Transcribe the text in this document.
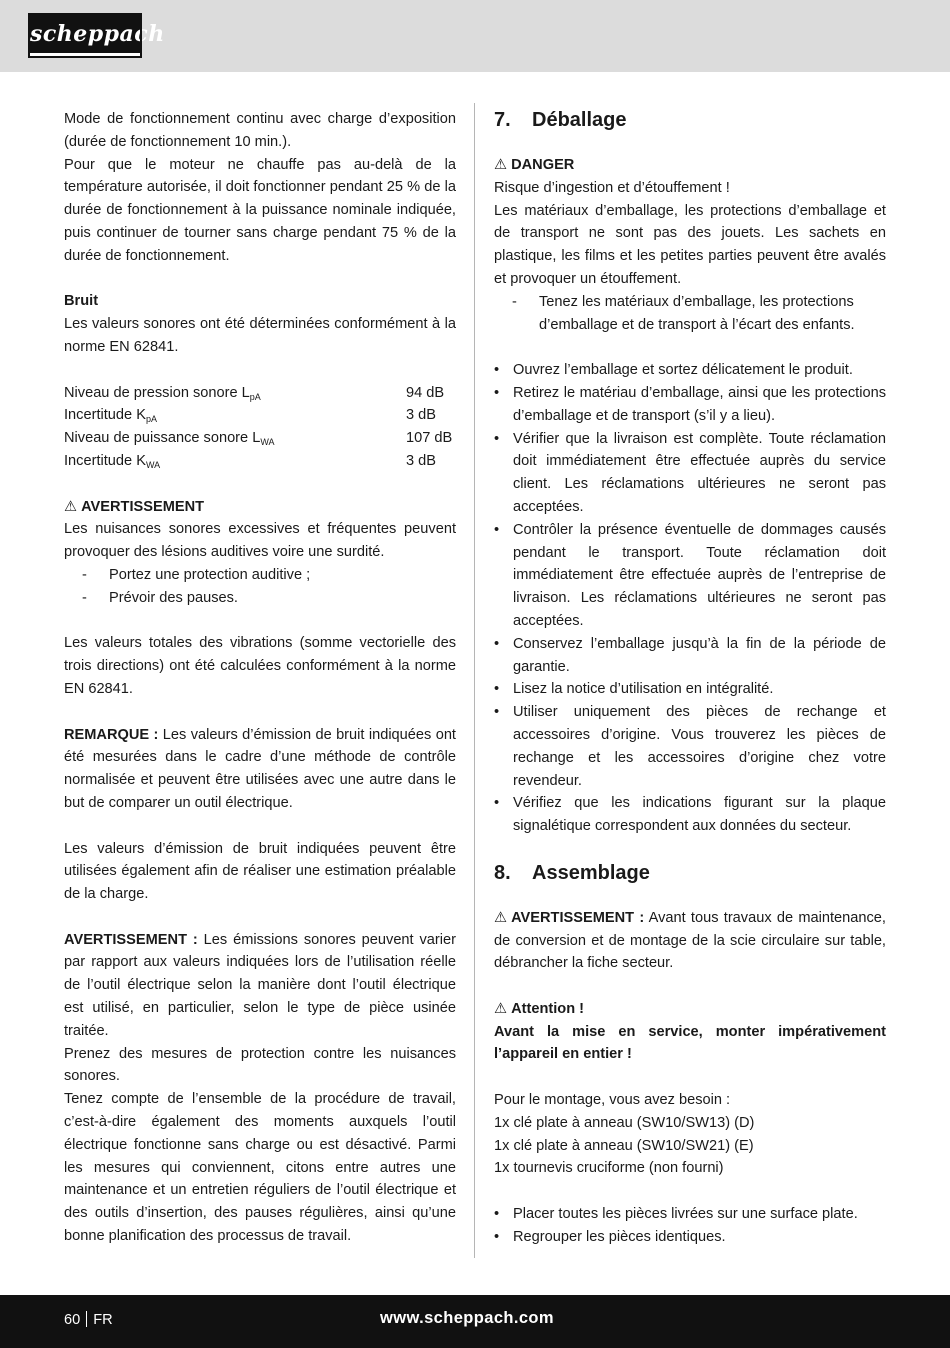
scheppach

Mode de fonctionnement continu avec charge d’exposition (durée de fonctionnement 10 min.).

Pour que le moteur ne chauffe pas au-delà de la température autorisée, il doit fonctionner pendant 25 % de la durée de fonctionnement à la puissance nominale indiquée, puis continuer de tourner sans charge pendant 75 % de la durée de fonctionnement.

Bruit

Les valeurs sonores ont été déterminées conformément à la norme EN 62841.

Niveau de pression sonore $L_{pA}$	94 dB
Incertitude $K_{pA}$	3 dB
Niveau de puissance sonore $L_{WA}$	107 dB
Incertitude $K_{WA}$	3 dB

⚠ AVERTISSEMENT

Les nuisances sonores excessives et fréquentes peuvent provoquer des lésions auditives voire une surdité.

-	Portez une protection auditive ;
-	Prévoir des pauses.

Les valeurs totales des vibrations (somme vectorielle des trois directions) ont été calculées conformément à la norme EN 62841.

REMARQUE : Les valeurs d’émission de bruit indiquées ont été mesurées dans le cadre d’une méthode de contrôle normalisée et peuvent être utilisées avec une autre dans le but de comparer un outil électrique.

Les valeurs d’émission de bruit indiquées peuvent être utilisées également afin de réaliser une estimation préalable de la charge.

AVERTISSEMENT : Les émissions sonores peuvent varier par rapport aux valeurs indiquées lors de l’utilisation réelle de l’outil électrique selon la manière dont l’outil électrique est utilisé, en particulier, selon le type de pièce usinée traitée.

Prenez des mesures de protection contre les nuisances sonores.

Tenez compte de l’ensemble de la procédure de travail, c’est-à-dire également des moments auxquels l’outil électrique fonctionne sans charge ou est désactivé. Parmi les mesures qui conviennent, citons entre autres une maintenance et un entretien réguliers de l’outil électrique et des outils d’insertion, des pauses régulières, ainsi qu’une bonne planification des processus de travail.

7.	Déballage

⚠ DANGER

Risque d’ingestion et d’étouffement !

Les matériaux d’emballage, les protections d’emballage et de transport ne sont pas des jouets. Les sachets en plastique, les films et les petites parties peuvent être avalés et provoquer un étouffement.

-	Tenez les matériaux d’emballage, les protections d’emballage et de transport à l’écart des enfants.
• Ouvrez l’emballage et sortez délicatement le produit.
• Retirez le matériau d’emballage, ainsi que les protections d’emballage et de transport (s’il y a lieu).
• Vérifier que la livraison est complète. Toute réclamation doit immédiatement être effectuée auprès du service client. Les réclamations ultérieures ne seront pas acceptées.
• Contrôler la présence éventuelle de dommages causés pendant le transport. Toute réclamation doit immédiatement être effectuée auprès de l’entreprise de livraison. Les réclamations ultérieures ne seront pas acceptées.
• Conservez l’emballage jusqu’à la fin de la période de garantie.
• Lisez la notice d’utilisation en intégralité.
• Utiliser uniquement des pièces de rechange et accessoires d’origine. Vous trouverez les pièces de rechange et les accessoires d’origine chez votre revendeur.
• Vérifiez que les indications figurant sur la plaque signalétique correspondent aux données du secteur.
8.	Assemblage

⚠ AVERTISSEMENT : Avant tous travaux de maintenance, de conversion et de montage de la scie circulaire sur table, débrancher la fiche secteur.

⚠ Attention !

Avant la mise en service, monter impérativement l’appareil en entier !

Pour le montage, vous avez besoin :

1x clé plate à anneau (SW10/SW13) (D)

1x clé plate à anneau (SW10/SW21) (E)

1x tournevis cruciforme (non fourni)

• Placer toutes les pièces livrées sur une surface plate.
• Regrouper les pièces identiques.
60 FR	www.scheppach.com
